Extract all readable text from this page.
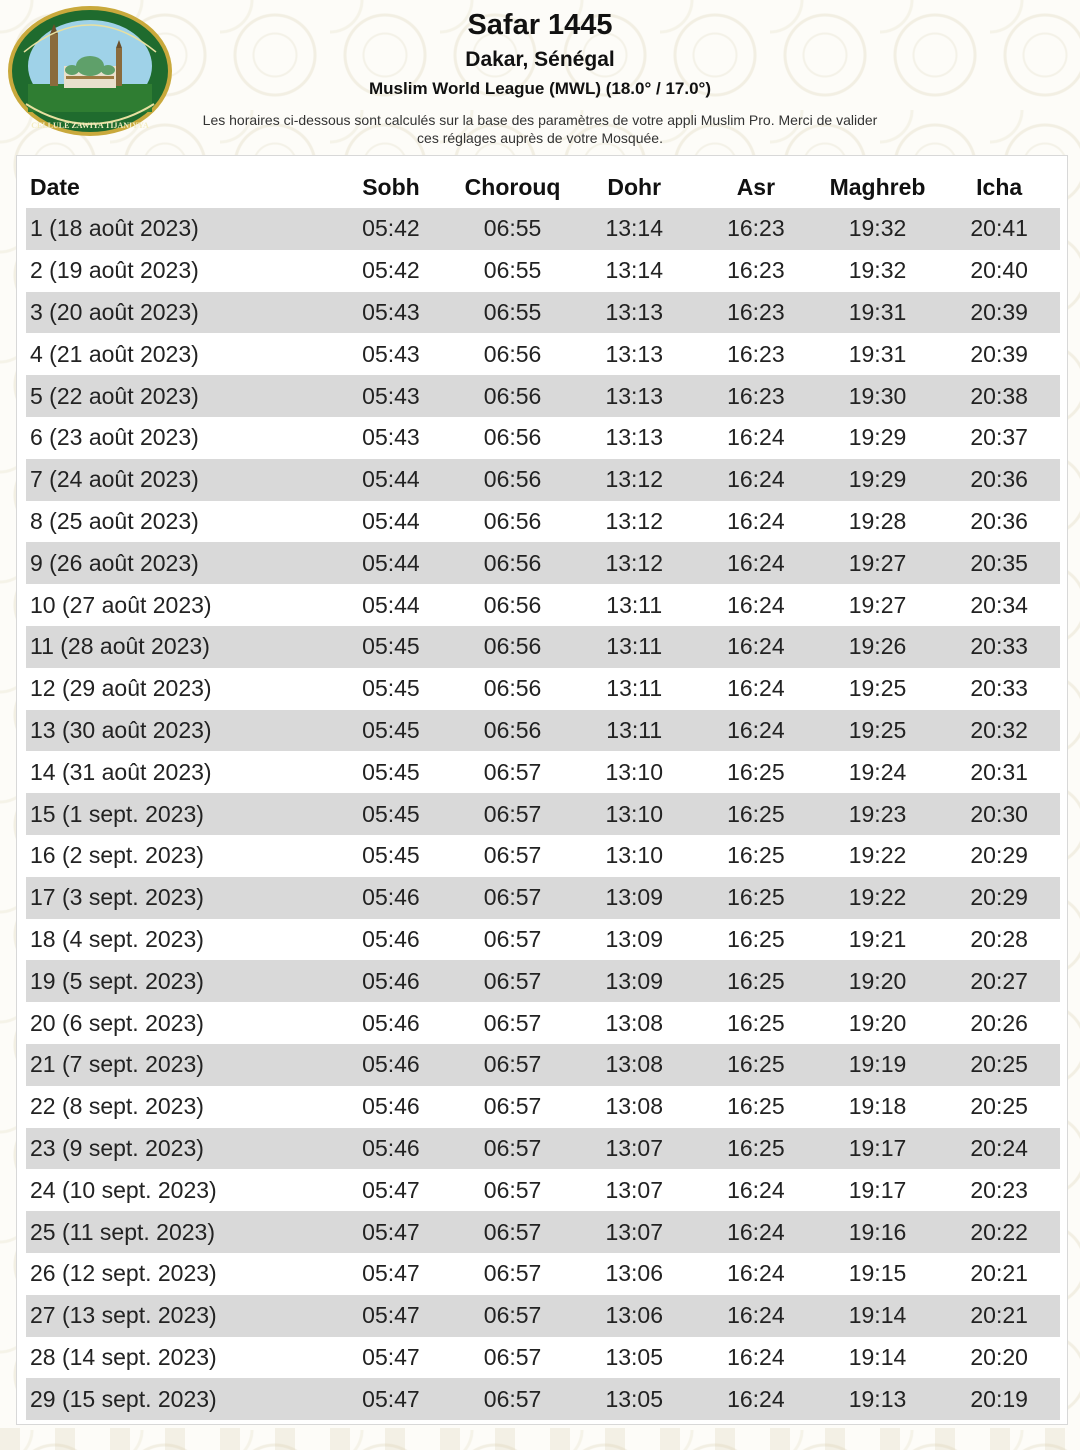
CELLULE ZAWIYA TIJANIYYA
Safar 1445
Dakar, Sénégal
Muslim World League (MWL) (18.0° / 17.0°)
Les horaires ci-dessous sont calculés sur la base des paramètres de votre appli Muslim Pro. Merci de valider ces réglages auprès de votre Mosquée.
Date	Sobh	Chorouq	Dohr	Asr	Maghreb	Icha
1 (18 août 2023)	05:42	06:55	13:14	16:23	19:32	20:41
2 (19 août 2023)	05:42	06:55	13:14	16:23	19:32	20:40
3 (20 août 2023)	05:43	06:55	13:13	16:23	19:31	20:39
4 (21 août 2023)	05:43	06:56	13:13	16:23	19:31	20:39
5 (22 août 2023)	05:43	06:56	13:13	16:23	19:30	20:38
6 (23 août 2023)	05:43	06:56	13:13	16:24	19:29	20:37
7 (24 août 2023)	05:44	06:56	13:12	16:24	19:29	20:36
8 (25 août 2023)	05:44	06:56	13:12	16:24	19:28	20:36
9 (26 août 2023)	05:44	06:56	13:12	16:24	19:27	20:35
10 (27 août 2023)	05:44	06:56	13:11	16:24	19:27	20:34
11 (28 août 2023)	05:45	06:56	13:11	16:24	19:26	20:33
12 (29 août 2023)	05:45	06:56	13:11	16:24	19:25	20:33
13 (30 août 2023)	05:45	06:56	13:11	16:24	19:25	20:32
14 (31 août 2023)	05:45	06:57	13:10	16:25	19:24	20:31
15 (1 sept. 2023)	05:45	06:57	13:10	16:25	19:23	20:30
16 (2 sept. 2023)	05:45	06:57	13:10	16:25	19:22	20:29
17 (3 sept. 2023)	05:46	06:57	13:09	16:25	19:22	20:29
18 (4 sept. 2023)	05:46	06:57	13:09	16:25	19:21	20:28
19 (5 sept. 2023)	05:46	06:57	13:09	16:25	19:20	20:27
20 (6 sept. 2023)	05:46	06:57	13:08	16:25	19:20	20:26
21 (7 sept. 2023)	05:46	06:57	13:08	16:25	19:19	20:25
22 (8 sept. 2023)	05:46	06:57	13:08	16:25	19:18	20:25
23 (9 sept. 2023)	05:46	06:57	13:07	16:25	19:17	20:24
24 (10 sept. 2023)	05:47	06:57	13:07	16:24	19:17	20:23
25 (11 sept. 2023)	05:47	06:57	13:07	16:24	19:16	20:22
26 (12 sept. 2023)	05:47	06:57	13:06	16:24	19:15	20:21
27 (13 sept. 2023)	05:47	06:57	13:06	16:24	19:14	20:21
28 (14 sept. 2023)	05:47	06:57	13:05	16:24	19:14	20:20
29 (15 sept. 2023)	05:47	06:57	13:05	16:24	19:13	20:19
